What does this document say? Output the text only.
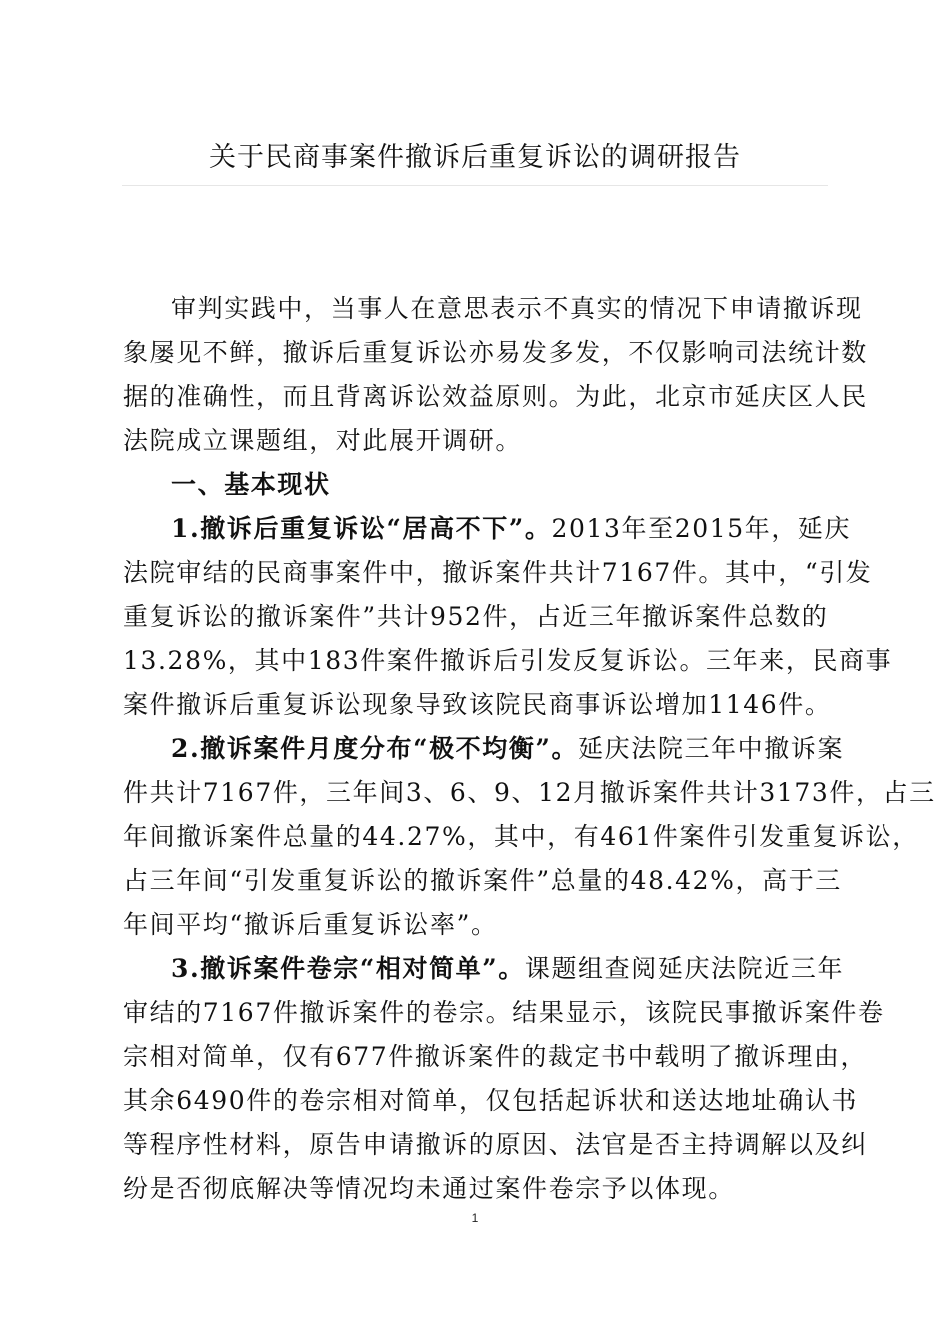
关于民商事案件撤诉后重复诉讼的调研报告
审判实践中，当事人在意思表示不真实的情况下申请撤诉现
象屡见不鲜，撤诉后重复诉讼亦易发多发，不仅影响司法统计数
据的准确性，而且背离诉讼效益原则。为此，北京市延庆区人民
法院成立课题组，对此展开调研。
一、基本现状
1.撤诉后重复诉讼“居高不下”。2013年至2015年，延庆
法院审结的民商事案件中，撤诉案件共计7167件。其中，“引发
重复诉讼的撤诉案件”共计952件，占近三年撤诉案件总数的
13.28%，其中183件案件撤诉后引发反复诉讼。三年来，民商事
案件撤诉后重复诉讼现象导致该院民商事诉讼增加1146件。
2.撤诉案件月度分布“极不均衡”。延庆法院三年中撤诉案
件共计7167件，三年间3、6、9、12月撤诉案件共计3173件，占三
年间撤诉案件总量的44.27%，其中，有461件案件引发重复诉讼，
占三年间“引发重复诉讼的撤诉案件”总量的48.42%，高于三
年间平均“撤诉后重复诉讼率”。
3.撤诉案件卷宗“相对简单”。课题组查阅延庆法院近三年
审结的7167件撤诉案件的卷宗。结果显示，该院民事撤诉案件卷
宗相对简单，仅有677件撤诉案件的裁定书中载明了撤诉理由，
其余6490件的卷宗相对简单，仅包括起诉状和送达地址确认书
等程序性材料，原告申请撤诉的原因、法官是否主持调解以及纠
纷是否彻底解决等情况均未通过案件卷宗予以体现。
1
